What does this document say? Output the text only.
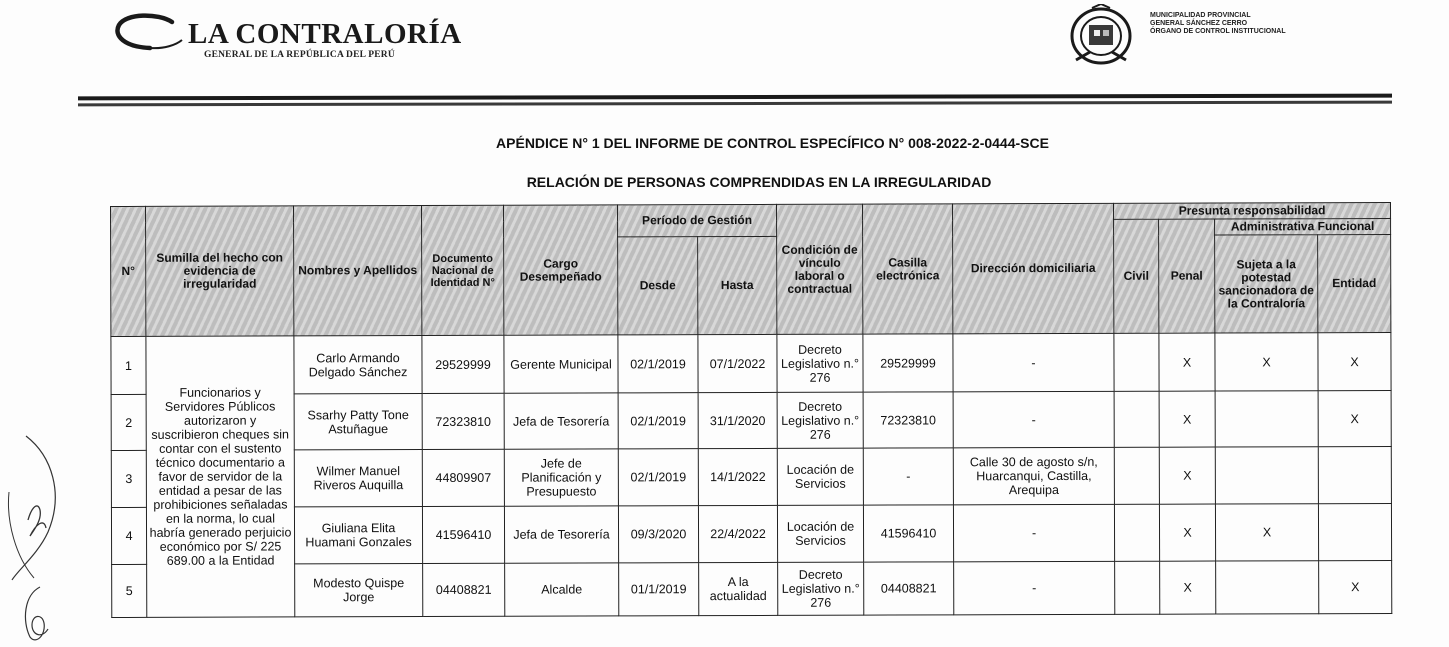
LA CONTRALORÍA
GENERAL DE LA REPÚBLICA DEL PERÚ
MUNICIPALIDAD PROVINCIAL
GENERAL SÁNCHEZ CERRO
ÓRGANO DE CONTROL INSTITUCIONAL
APÉNDICE N° 1 DEL INFORME DE CONTROL ESPECÍFICO N° 008-2022-2-0444-SCE
RELACIÓN DE PERSONAS COMPRENDIDAS EN LA IRREGULARIDAD
N°	Sumilla del hecho con evidencia de irregularidad	Nombres y Apellidos	Documento Nacional de Identidad N°	Cargo Desempeñado	Período de Gestión		Condición de vínculo laboral o contractual	Casilla electrónica	Dirección domiciliaria	Presunta responsabilidad			
										Civil	Penal	Administrativa Funcional	
					Desde	Hasta						Sujeta a la potestad sancionadora de la Contraloría	Entidad
1	Funcionarios y Servidores Públicos autorizaron y suscribieron cheques sin contar con el sustento técnico documentario a favor de servidor de la entidad a pesar de las prohibiciones señaladas en la norma, lo cual habría generado perjuicio económico por S/ 225 689.00 a la Entidad	Carlo Armando Delgado Sánchez	29529999	Gerente Municipal	02/1/2019	07/1/2022	Decreto Legislativo n.° 276	29529999	-		X	X	X
2		Ssarhy Patty Tone Astuñague	72323810	Jefa de Tesorería	02/1/2019	31/1/2020	Decreto Legislativo n.° 276	72323810	-		X		X
3		Wilmer Manuel Riveros Auquilla	44809907	Jefe de Planificación y Presupuesto	02/1/2019	14/1/2022	Locación de Servicios	-	Calle 30 de agosto s/n, Huarcanqui, Castilla, Arequipa		X		
4		Giuliana Elita Huamani Gonzales	41596410	Jefa de Tesorería	09/3/2020	22/4/2022	Locación de Servicios	41596410	-		X	X	
5		Modesto Quispe Jorge	04408821	Alcalde	01/1/2019	A la actualidad	Decreto Legislativo n.° 276	04408821	-		X		X
